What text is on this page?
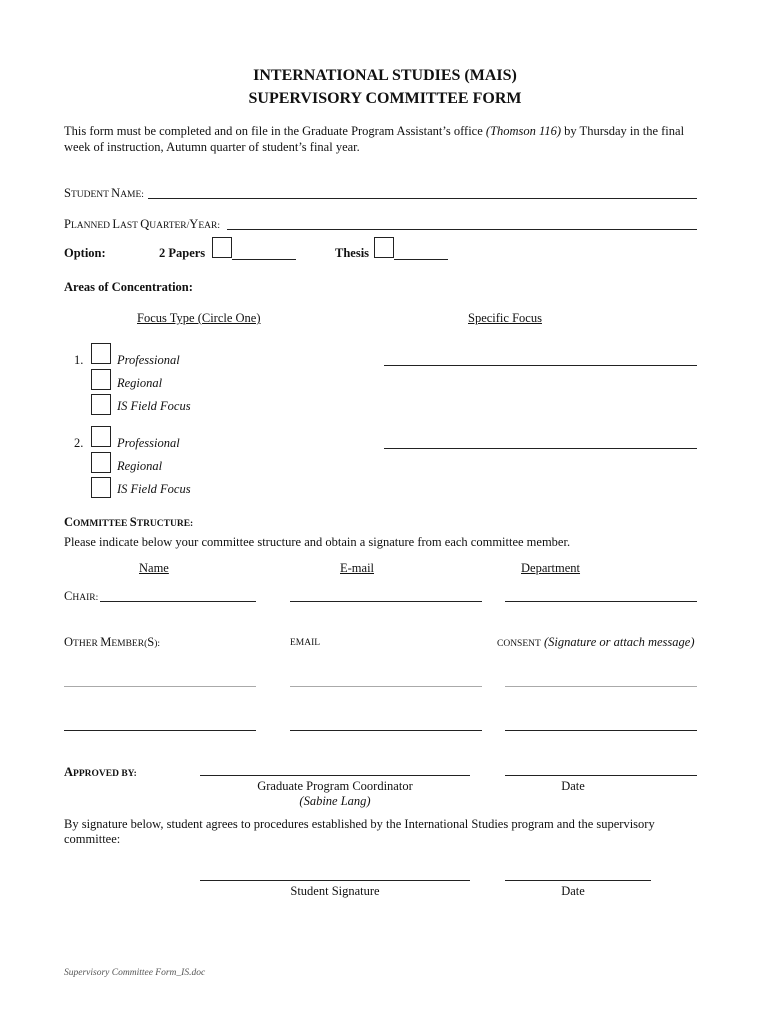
INTERNATIONAL STUDIES (MAIS)
SUPERVISORY COMMITTEE FORM
This form must be completed and on file in the Graduate Program Assistant’s office (Thomson 116) by Thursday in the final
week of instruction, Autumn quarter of student’s final year.
STUDENT NAME:
PLANNED LAST QUARTER/YEAR:
Option:	2 Papers	Thesis
Areas of Concentration:
Focus Type (Circle One)	Specific Focus
1.	Professional
Regional
IS Field Focus
2.	Professional
Regional
IS Field Focus
COMMITTEE STRUCTURE:
Please indicate below your committee structure and obtain a signature from each committee member.
Name	E-mail	Department
CHAIR:
OTHER MEMBER(S):	EMAIL	CONSENT (Signature or attach message)
APPROVED BY:
Graduate Program Coordinator
(Sabine Lang)
Date
By signature below, student agrees to procedures established by the International Studies program and the supervisory
committee:
Student Signature	Date
Supervisory Committee Form_IS.doc
